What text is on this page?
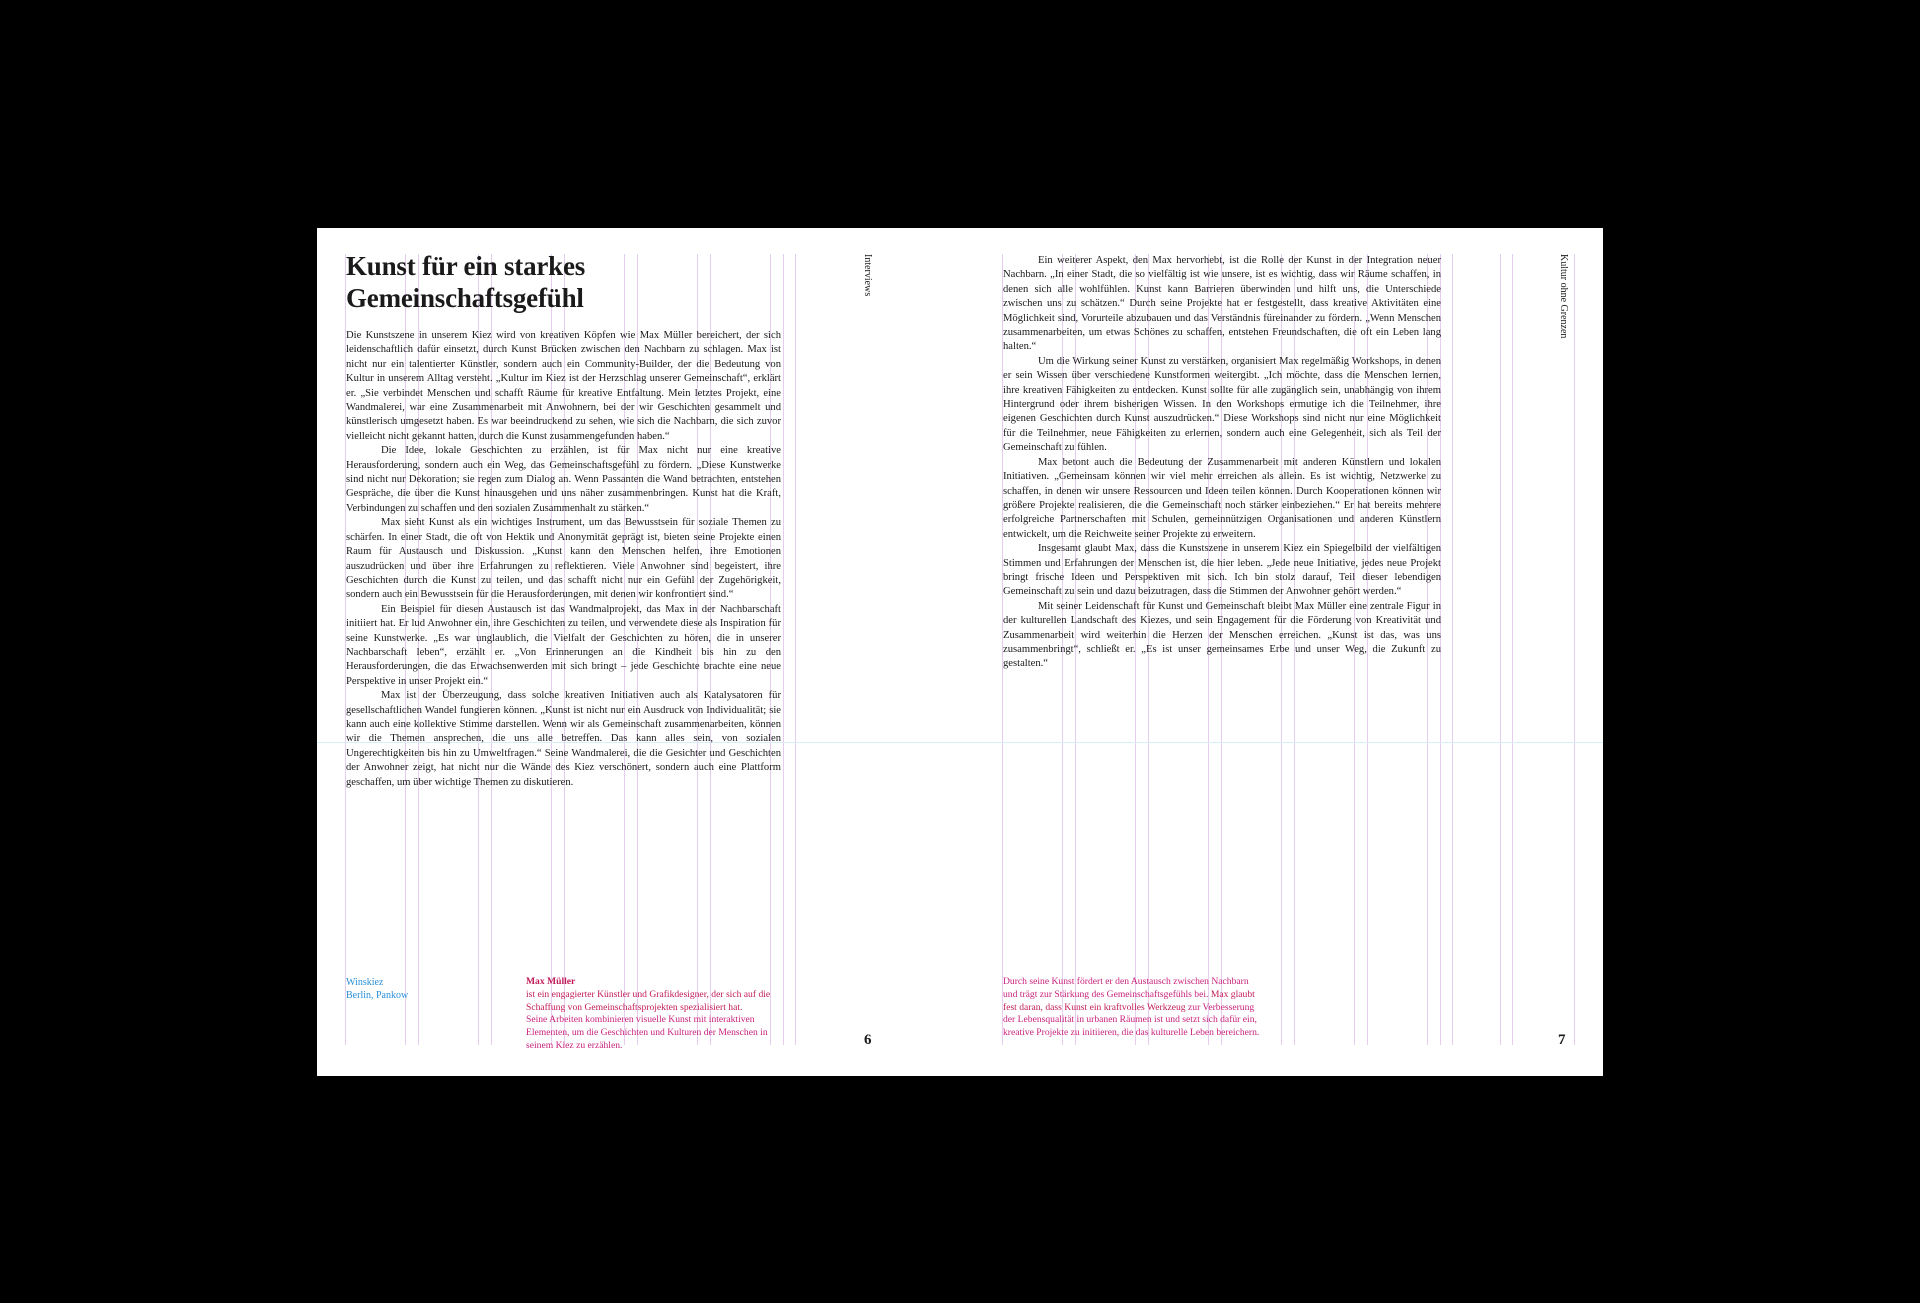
Kunst für ein starkes Gemeinschaftsgefühl
Interviews

Die Kunstszene in unserem Kiez wird von kreativen Köpfen wie Max Müller bereichert, der sich leidenschaftlich dafür einsetzt, durch Kunst Brücken zwischen den Nachbarn zu schlagen. Max ist nicht nur ein talentierter Künstler, sondern auch ein Community-Builder, der die Bedeutung von Kultur in unserem Alltag versteht. „Kultur im Kiez ist der Herzschlag unserer Gemeinschaft“, erklärt er. „Sie verbindet Menschen und schafft Räume für kreative Entfaltung. Mein letztes Projekt, eine Wandmalerei, war eine Zusammenarbeit mit Anwohnern, bei der wir Geschichten gesammelt und künstlerisch umgesetzt haben. Es war beeindruckend zu sehen, wie sich die Nachbarn, die sich zuvor vielleicht nicht gekannt hatten, durch die Kunst zusammengefunden haben.“

Die Idee, lokale Geschichten zu erzählen, ist für Max nicht nur eine kreative Herausforderung, sondern auch ein Weg, das Gemeinschaftsgefühl zu fördern. „Diese Kunstwerke sind nicht nur Dekoration; sie regen zum Dialog an. Wenn Passanten die Wand betrachten, entstehen Gespräche, die über die Kunst hinausgehen und uns näher zusammenbringen. Kunst hat die Kraft, Verbindungen zu schaffen und den sozialen Zusammenhalt zu stärken.“

Max sieht Kunst als ein wichtiges Instrument, um das Bewusstsein für soziale Themen zu schärfen. In einer Stadt, die oft von Hektik und Anonymität geprägt ist, bieten seine Projekte einen Raum für Austausch und Diskussion. „Kunst kann den Menschen helfen, ihre Emotionen auszudrücken und über ihre Erfahrungen zu reflektieren. Viele Anwohner sind begeistert, ihre Geschichten durch die Kunst zu teilen, und das schafft nicht nur ein Gefühl der Zugehörigkeit, sondern auch ein Bewusstsein für die Herausforderungen, mit denen wir konfrontiert sind.“

Ein Beispiel für diesen Austausch ist das Wandmalprojekt, das Max in der Nachbarschaft initiiert hat. Er lud Anwohner ein, ihre Geschichten zu teilen, und verwendete diese als Inspiration für seine Kunstwerke. „Es war unglaublich, die Vielfalt der Geschichten zu hören, die in unserer Nachbarschaft leben“, erzählt er. „Von Erinnerungen an die Kindheit bis hin zu den Herausforderungen, die das Erwachsenwerden mit sich bringt – jede Geschichte brachte eine neue Perspektive in unser Projekt ein.“

Max ist der Überzeugung, dass solche kreativen Initiativen auch als Katalysatoren für gesellschaftlichen Wandel fungieren können. „Kunst ist nicht nur ein Ausdruck von Individualität; sie kann auch eine kollektive Stimme darstellen. Wenn wir als Gemeinschaft zusammenarbeiten, können wir die Themen ansprechen, die uns alle betreffen. Das kann alles sein, von sozialen Ungerechtigkeiten bis hin zu Umweltfragen.“ Seine Wandmalerei, die die Gesichter und Geschichten der Anwohner zeigt, hat nicht nur die Wände des Kiez verschönert, sondern auch eine Plattform geschaffen, um über wichtige Themen zu diskutieren.

Winskiez
Berlin, Pankow
Max Müller
ist ein engagierter Künstler und Grafikdesigner, der sich auf die Schaffung von Gemeinschaftsprojekten spezialisiert hat.
Seine Arbeiten kombinieren visuelle Kunst mit interaktiven Elementen, um die Geschichten und Kulturen der Menschen in seinem Kiez zu erzählen.	6
Kultur ohne Grenzen

Ein weiterer Aspekt, den Max hervorhebt, ist die Rolle der Kunst in der Integration neuer Nachbarn. „In einer Stadt, die so vielfältig ist wie unsere, ist es wichtig, dass wir Räume schaffen, in denen sich alle wohlfühlen. Kunst kann Barrieren überwinden und hilft uns, die Unterschiede zwischen uns zu schätzen.“ Durch seine Projekte hat er festgestellt, dass kreative Aktivitäten eine Möglichkeit sind, Vorurteile abzubauen und das Verständnis füreinander zu fördern. „Wenn Menschen zusammenarbeiten, um etwas Schönes zu schaffen, entstehen Freundschaften, die oft ein Leben lang halten.“

Um die Wirkung seiner Kunst zu verstärken, organisiert Max regelmäßig Workshops, in denen er sein Wissen über verschiedene Kunstformen weitergibt. „Ich möchte, dass die Menschen lernen, ihre kreativen Fähigkeiten zu entdecken. Kunst sollte für alle zugänglich sein, unabhängig von ihrem Hintergrund oder ihrem bisherigen Wissen. In den Workshops ermutige ich die Teilnehmer, ihre eigenen Geschichten durch Kunst auszudrücken.“ Diese Workshops sind nicht nur eine Möglichkeit für die Teilnehmer, neue Fähigkeiten zu erlernen, sondern auch eine Gelegenheit, sich als Teil der Gemeinschaft zu fühlen.

Max betont auch die Bedeutung der Zusammenarbeit mit anderen Künstlern und lokalen Initiativen. „Gemeinsam können wir viel mehr erreichen als allein. Es ist wichtig, Netzwerke zu schaffen, in denen wir unsere Ressourcen und Ideen teilen können. Durch Kooperationen können wir größere Projekte realisieren, die die Gemeinschaft noch stärker einbeziehen.“ Er hat bereits mehrere erfolgreiche Partnerschaften mit Schulen, gemeinnützigen Organisationen und anderen Künstlern entwickelt, um die Reichweite seiner Projekte zu erweitern.

Insgesamt glaubt Max, dass die Kunstszene in unserem Kiez ein Spiegelbild der vielfältigen Stimmen und Erfahrungen der Menschen ist, die hier leben. „Jede neue Initiative, jedes neue Projekt bringt frische Ideen und Perspektiven mit sich. Ich bin stolz darauf, Teil dieser lebendigen Gemeinschaft zu sein und dazu beizutragen, dass die Stimmen der Anwohner gehört werden.“

Mit seiner Leidenschaft für Kunst und Gemeinschaft bleibt Max Müller eine zentrale Figur in der kulturellen Landschaft des Kiezes, und sein Engagement für die Förderung von Kreativität und Zusammenarbeit wird weiterhin die Herzen der Menschen erreichen. „Kunst ist das, was uns zusammenbringt“, schließt er. „Es ist unser gemeinsames Erbe und unser Weg, die Zukunft zu gestalten.“

Durch seine Kunst fördert er den Austausch zwischen Nachbarn und trägt zur Stärkung des Gemeinschaftsgefühls bei. Max glaubt fest daran, dass Kunst ein kraftvolles Werkzeug zur Verbesserung der Lebensqualität in urbanen Räumen ist und setzt sich dafür ein, kreative Projekte zu initiieren, die das kulturelle Leben bereichern.	7
